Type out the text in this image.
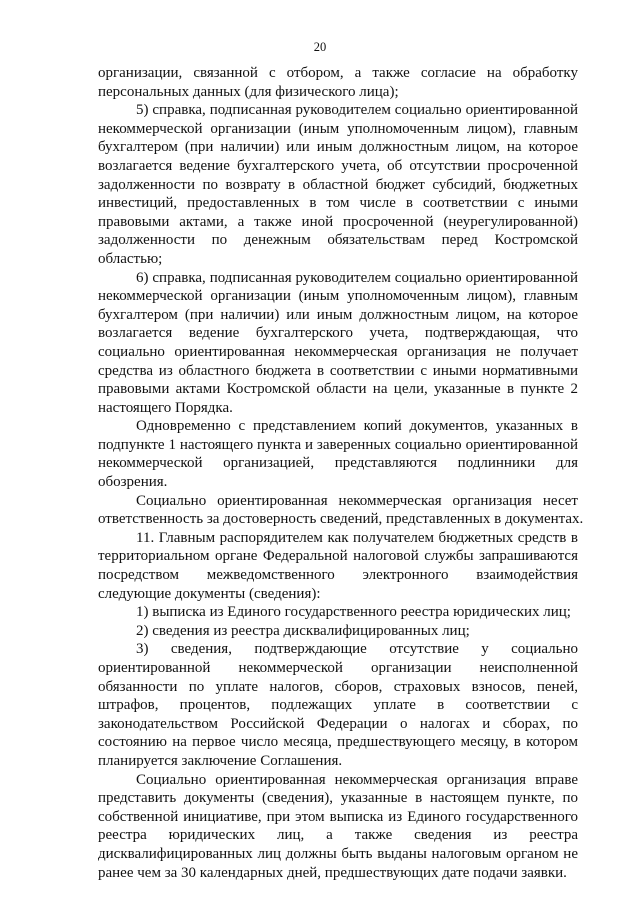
20
организации, связанной с отбором, а также согласие на обработку
персональных данных (для физического лица);
5) справка, подписанная руководителем социально ориентированной
некоммерческой организации (иным уполномоченным лицом), главным
бухгалтером (при наличии) или иным должностным лицом, на которое
возлагается ведение бухгалтерского учета, об отсутствии просроченной
задолженности по возврату в областной бюджет субсидий, бюджетных
инвестиций, предоставленных в том числе в соответствии с иными
правовыми актами, а также иной просроченной (неурегулированной)
задолженности по денежным обязательствам перед Костромской
областью;
6) справка, подписанная руководителем социально ориентированной
некоммерческой организации (иным уполномоченным лицом), главным
бухгалтером (при наличии) или иным должностным лицом, на которое
возлагается ведение бухгалтерского учета, подтверждающая, что
социально ориентированная некоммерческая организация не получает
средства из областного бюджета в соответствии с иными нормативными
правовыми актами Костромской области на цели, указанные в пункте 2
настоящего Порядка.
Одновременно с представлением копий документов, указанных в
подпункте 1 настоящего пункта и заверенных социально ориентированной
некоммерческой организацией, представляются подлинники для
обозрения.
Социально ориентированная некоммерческая организация несет
ответственность за достоверность сведений, представленных в документах.
11. Главным распорядителем как получателем бюджетных средств в
территориальном органе Федеральной налоговой службы запрашиваются
посредством межведомственного электронного взаимодействия
следующие документы (сведения):
1) выписка из Единого государственного реестра юридических лиц;
2) сведения из реестра дисквалифицированных лиц;
3) сведения, подтверждающие отсутствие у социально
ориентированной некоммерческой организации неисполненной
обязанности по уплате налогов, сборов, страховых взносов, пеней,
штрафов, процентов, подлежащих уплате в соответствии с
законодательством Российской Федерации о налогах и сборах, по
состоянию на первое число месяца, предшествующего месяцу, в котором
планируется заключение Соглашения.
Социально ориентированная некоммерческая организация вправе
представить документы (сведения), указанные в настоящем пункте, по
собственной инициативе, при этом выписка из Единого государственного
реестра юридических лиц, а также сведения из реестра
дисквалифицированных лиц должны быть выданы налоговым органом не
ранее чем за 30 календарных дней, предшествующих дате подачи заявки.
